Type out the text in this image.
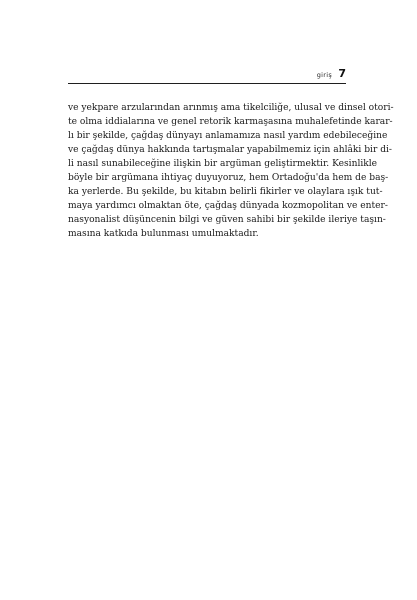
giriş 7

ve yekpare arzularından arınmış ama tikelciliğe, ulusal ve dinsel otori-
te olma iddialarına ve genel retorik karmaşasına muhalefetinde karar-
lı bir şekilde, çağdaş dünyayı anlamamıza nasıl yardım edebileceğine
ve çağdaş dünya hakkında tartışmalar yapabilmemiz için ahlâki bir di-
li nasıl sunabileceğine ilişkin bir argüman geliştirmektir. Kesinlikle
böyle bir argümana ihtiyaç duyuyoruz, hem Ortadoğu'da hem de baş-
ka yerlerde. Bu şekilde, bu kitabın belirli fikirler ve olaylara ışık tut-
maya yardımcı olmaktan öte, çağdaş dünyada kozmopolitan ve enter-
nasyonalist düşüncenin bilgi ve güven sahibi bir şekilde ileriye taşın-
masına katkıda bulunması umulmaktadır.
